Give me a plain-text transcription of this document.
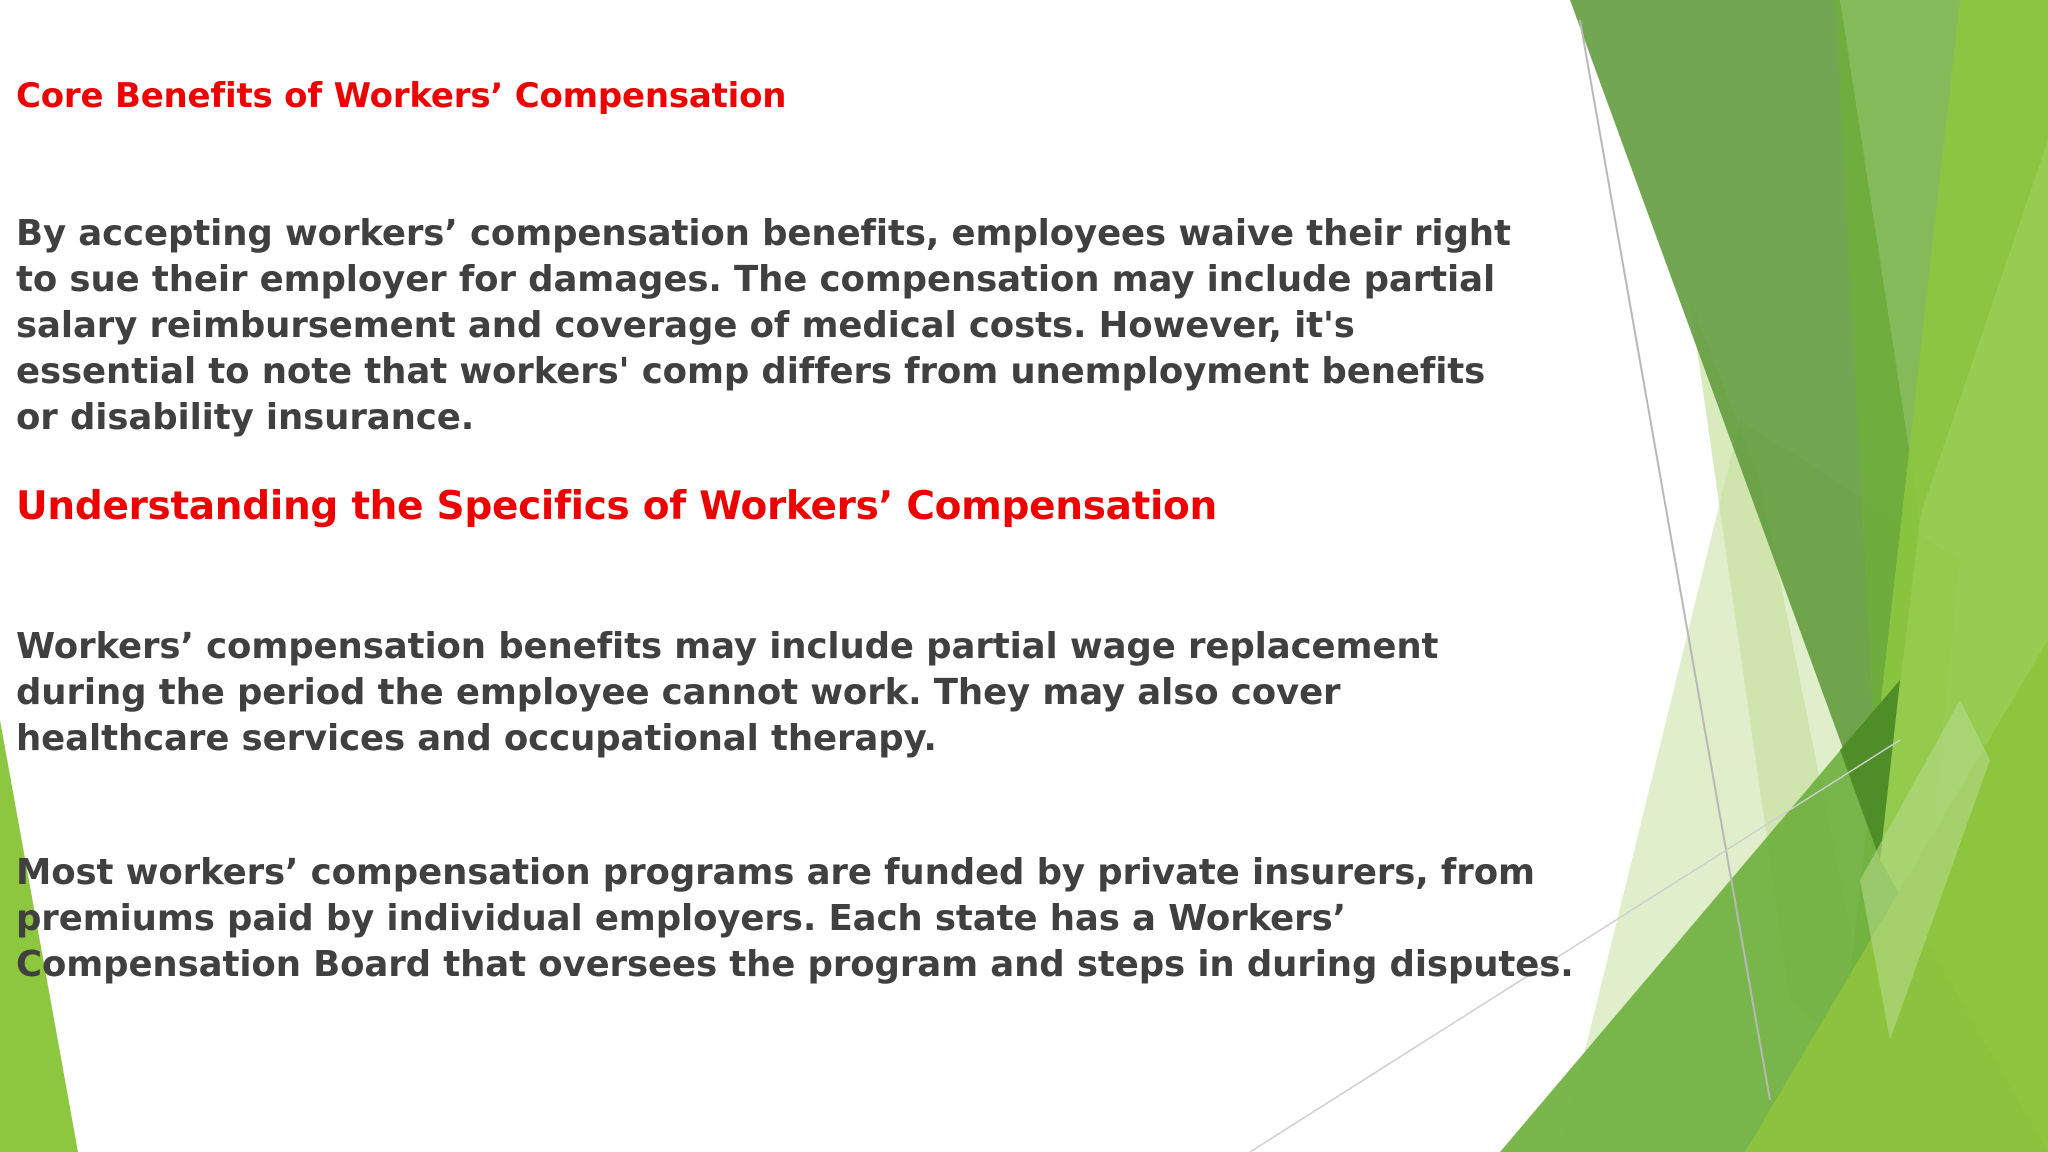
Core Benefits of Workers’ Compensation

By accepting workers’ compensation benefits, employees waive their right to sue their employer for damages. The compensation may include partial salary reimbursement and coverage of medical costs. However, it's essential to note that workers' comp differs from unemployment benefits or disability insurance.

Understanding the Specifics of Workers’ Compensation

Workers’ compensation benefits may include partial wage replacement during the period the employee cannot work. They may also cover healthcare services and occupational therapy.

Most workers’ compensation programs are funded by private insurers, from premiums paid by individual employers. Each state has a Workers’ Compensation Board that oversees the program and steps in during disputes.
